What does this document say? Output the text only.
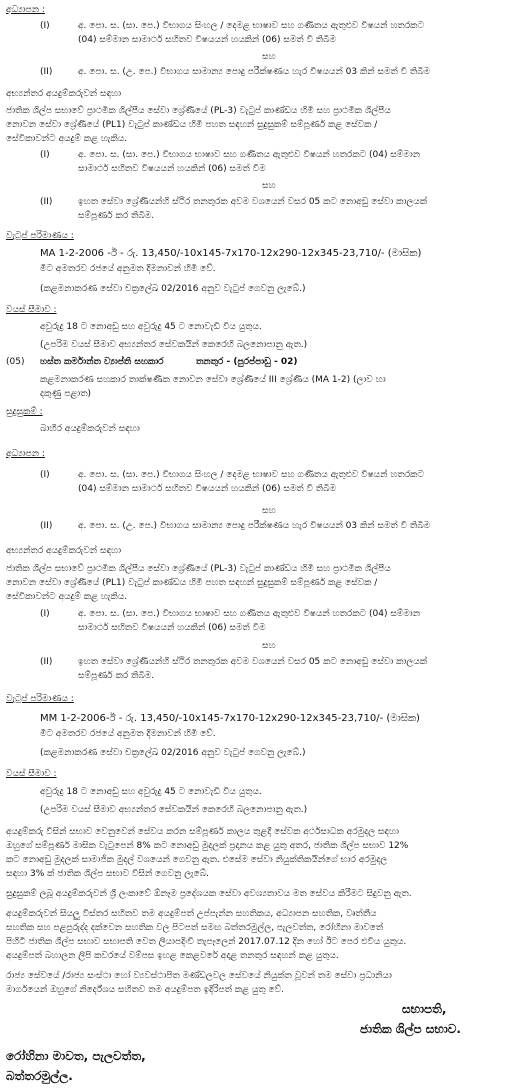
අධ්‍යාපන :
(I)	අ. පො. ස. (සා. පෙ.) විභාගය සිංහල / දෙමළ භාෂාව සහ ගණිතය ඇතුළුව විෂයන් හතරකට
(04) සම්මාන සාමාර්ථ සහිතව විෂයයන් හයකින් (06) සමත් වී තිබීම
සහ
(II)	අ. පො. ස. (උ. පෙ.) විභාගය සාමාන්‍ය පොදු පරීක්ෂණය හැර විෂයයන් 03 කින් සමත් වී තිබීම
අභ්‍යන්තර අයදුම්කරුවන් සඳහා
ජාතික ශිල්ප සභාවේ ප්‍රාථමික ශිල්පීය සේවා ශ්‍රේණියේ (PL-3) වැටුප් කාණ්ඩය හිමි සහ ප්‍රාථමික ශිල්පීය
නොවන සේවා ශ්‍රේණියේ (PL1) වැටුප් කාණ්ඩය හිමි පහත සඳහන් සුදුසුකම් සම්පූර්ණ කළ සේවක /
සේවිකාවන්ට අයදුම් කළ හැකිය.
(I)	අ. පො. ස. (සා. පෙ.) විභාගය භාෂාව සහ ගණිතය ඇතුළුව විෂයන් හතරකට (04) සම්මාන
සාමාර්ථ සහිතව විෂයයන් හයකින් (06) සමත් වීම
සහ
(II)	ඉහත සේවා ශ්‍රේණියන්හි ස්ථිර තනතුරක අවම වශයෙන් වසර 05 කට නොඅඩු සේවා කාලයක්
සම්පූර්ණ කර තිබීම.
වැටුප් පරිමාණය :
MA 1-2-2006 -ඊ - රු. 13,450/-10x145-7x170-12x290-12x345-23,710/- (මාසික)
මීට අමතරව රජයේ අනුමත දීමනාවන් හිමි වේ.
(කළමනාකරණ සේවා චක්‍රලේඛ 02/2016 අනුව වැටුප් ගෙවනු ලැබේ.)
වයස් සීමාව :
අවුරුදු 18 ට නොඅඩු සහ අවුරුදු 45 ට නොවැඩි විය යුතුය.
(උපරිම වයස් සීමාව අභ්‍යන්තර සේවකයින් කෙරෙහි බලනොපානු ඇත.)
(05) හස්ත කර්මාන්ත ව්‍යාප්ති සහකාර	තනතුර - (පුරප්පාඩු - 02)
කළමනාකරණ සහකාර තාක්ෂණික නොවන සේවා ශ්‍රේණියේ III ශ්‍රේණිය (MA 1-2) (ලාව හා
දකුණු පළාත)
සුදුසුකම් :
බාහිර අයදුම්කරුවන් සඳහා
අධ්‍යාපන :
(I)	අ. පො. ස. (සා. පෙ.) විභාගය සිංහල / දෙමළ භාෂාව සහ ගණිතය ඇතුළුව විෂයන් හතරකට
(04) සම්මාන සාමාර්ථ සහිතව විෂයයන් හයකින් (06) සමත් වී තිබීම
සහ
(II)	අ. පො. ස. (උ. පෙ.) විභාගය සාමාන්‍ය පොදු පරීක්ෂණය හැර විෂයයන් 03 කින් සමත් වී තිබීම
අභ්‍යන්තර අයදුම්කරුවන් සඳහා
ජාතික ශිල්ප සභාවේ ප්‍රාථමික ශිල්පීය සේවා ශ්‍රේණියේ (PL-3) වැටුප් කාණ්ඩය හිමි සහ ප්‍රාථමික ශිල්පීය
නොවන සේවා ශ්‍රේණියේ (PL1) වැටුප් කාණ්ඩය හිමි පහත සඳහන් සුදුසුකම් සම්පූර්ණ කළ සේවක /
සේවිකාවන්ට අයදුම් කළ හැකිය.
(I)	අ. පො. ස. (සා. පෙ.) විභාගය භාෂාව සහ ගණිතය ඇතුළුව විෂයන් හතරකට (04) සම්මාන
සාමාර්ථ සහිතව විෂයයන් හයකින් (06) සමත් වීම
සහ
(II)	ඉහත සේවා ශ්‍රේණියන්හි ස්ථිර තනතුරක අවම වශයෙන් වසර 05 කට නොඅඩු සේවා කාලයක්
සම්පූර්ණ කර තිබීම.
වැටුප් පරිමාණය :
MM 1-2-2006-ඊ - රු. 13,450/-10x145-7x170-12x290-12x345-23,710/- (මාසික)
මීට අමතරව රජයේ අනුමත දීමනාවන් හිමි වේ.
(කළමනාකරණ සේවා චක්‍රලේඛ 02/2016 අනුව වැටුප් ගෙවනු ලැබේ.)
වයස් සීමාව :
අවුරුදු 18 ට නොඅඩු සහ අවුරුදු 45 ට නොවැඩි විය යුතුය.
(උපරිම වයස් සීමාව අභ්‍යන්තර සේවකයින් කෙරෙහි බලනොපානු ඇත.)
අයදුම්කරු විසින් සභාව වෙනුවෙන් සේවය කරන සම්පූර්ණ කාලය තුළදී සේවක අර්ථසාධක අරමුදල සඳහා
ඔහුගේ සම්පූර්ණ මාසික වැටුපෙන් 8% කට නොඅඩු මුදලක් ප්‍රදානය කළ යුතු අතර, ජාතික ශිල්ප සභාව 12%
කට නොඅඩු මුදලක් සාමාජික මුදල් වශයෙන් ගෙවනු ඇත. එසේම සේවා නියුක්තිකයින්ගේ භාර අරමුදල
සඳහා 3% ක් ජාතික ශිල්ප සභාව විසින් ගෙවනු ලැබේ.
සුදුසුකම් ලබූ අයදුම්කරුවන් ශ්‍රී ලංකාවේ ඕනෑම ප්‍රදේශයක සේවා අවශ්‍යතාවය මත සේවය කිරීමට සිදුවනු ඇත.
අයදුම්කරුවන් සියලු විස්තර සහිතව තම අයදුම්පත් උප්පැන්න සහතිකය, අධ්‍යාපන සහතික, වෘත්තීය
සහතික සහ පළපුරුද්ද දක්වෙන සහතික වල පිටපත් සමඟ බත්තරමුල්ල, පැලවත්ත, රෝහිනා මාවතේ
පිහිටි ජාතික ශිල්ප සභාව සභාපති වෙත ලියාපදිංචි තැපෑලෙන් 2017.07.12 දින හෝ ඊට පෙර එවිය යුතුය.
අයදුම්පත් බහාලන ලිපි කවරයේ වම්පස ඉහළ කෙළවරේ අදාළ තනතුර සඳහන් කළ යුතුය.
රාජ්‍ය සේවයේ /රාජ්‍ය සංස්ථා හෝ ව්‍යවස්ථාපිත මණ්ඩලවල සේවයේ නියුක්ත වූවන් තම සේවා ප්‍රධානියා
මාර්ගයෙන් ඔහුගේ නිර්දේශය සහිතව තම අයදුම්පත ඉදිරිපත් කළ යුතු වේ.
සභාපති,
ජාතික ශිල්ප සභාව.
රෝහිනා මාවත, පැලවත්ත,
බත්තරමුල්ල.
